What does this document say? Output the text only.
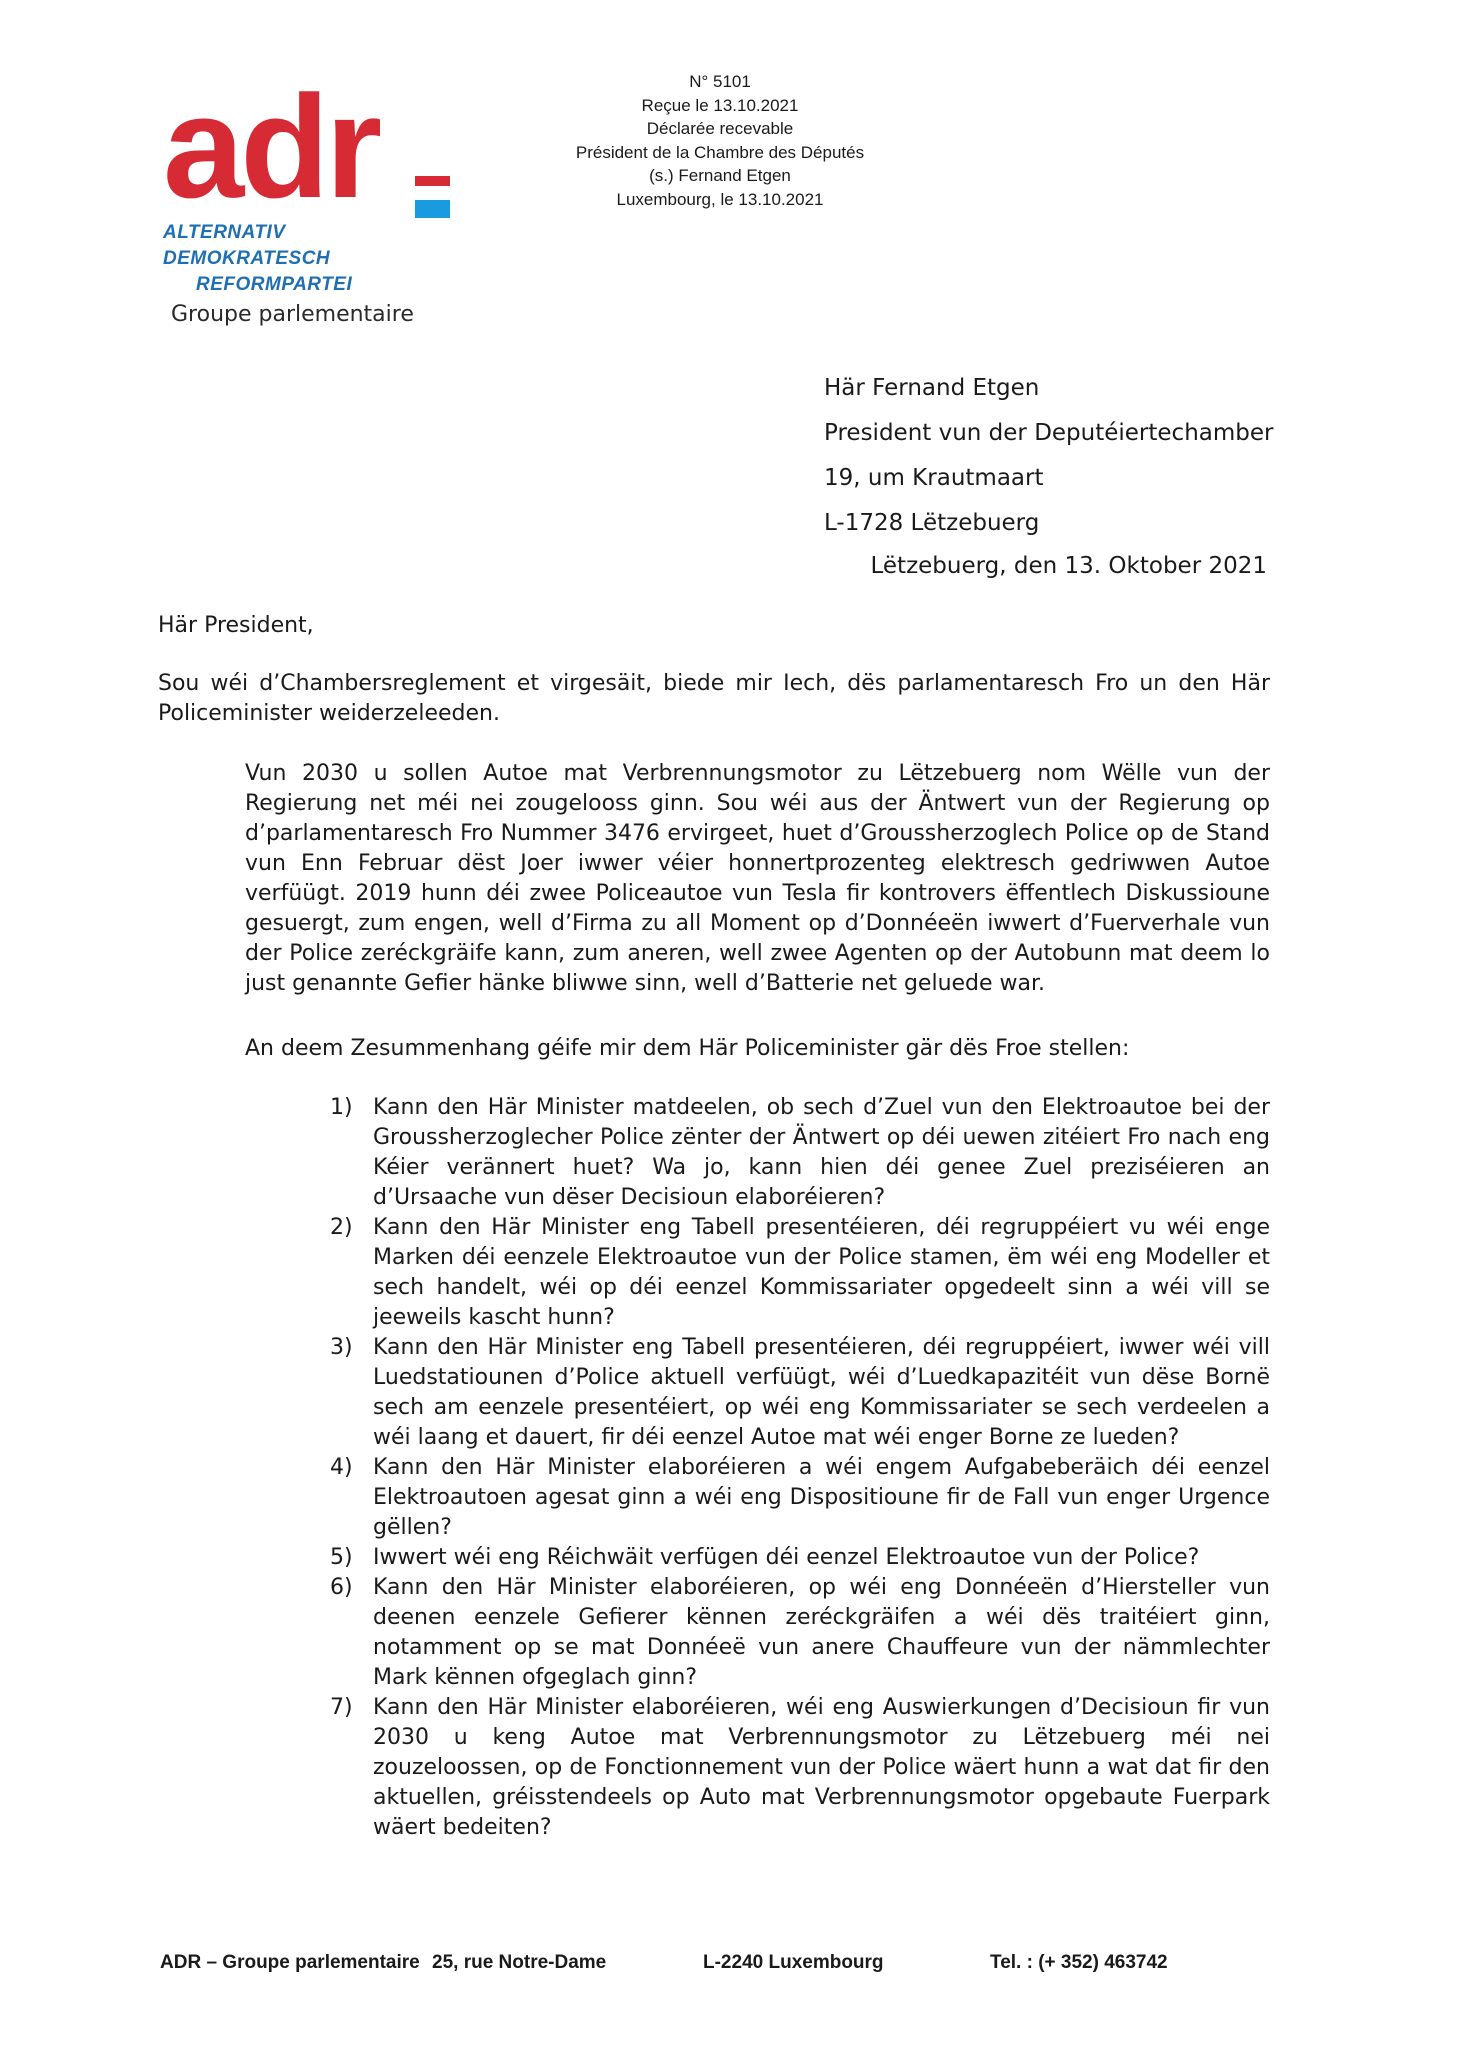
adr
ALTERNATIV DEMOKRATESCH
REFORMPARTEI
Groupe parlementaire
N° 5101
Reçue le 13.10.2021
Déclarée recevable
Président de la Chambre des Députés
(s.) Fernand Etgen
Luxembourg, le 13.10.2021
Här Fernand Etgen
President vun der Deputéiertechamber
19, um Krautmaart
L-1728 Lëtzebuerg
Lëtzebuerg, den 13. Oktober 2021
Här President,
Sou wéi d’Chambersreglement et virgesäit, biede mir Iech, dës parlamentaresch Fro un den Här Policeminister weiderzeleeden.
Vun 2030 u sollen Autoe mat Verbrennungsmotor zu Lëtzebuerg nom Wëlle vun der Regierung net méi nei zougelooss ginn. Sou wéi aus der Äntwert vun der Regierung op d’parlamentaresch Fro Nummer 3476 ervirgeet, huet d’Groussherzoglech Police op de Stand vun Enn Februar dëst Joer iwwer véier honnertprozenteg elektresch gedriwwen Autoe verfüügt. 2019 hunn déi zwee Policeautoe vun Tesla fir kontrovers ëffentlech Diskussioune gesuergt, zum engen, well d’Firma zu all Moment op d’Donnéeën iwwert d’Fuerverhale vun der Police zeréckgräife kann, zum aneren, well zwee Agenten op der Autobunn mat deem lo just genannte Gefier hänke bliwwe sinn, well d’Batterie net geluede war.
An deem Zesummenhang géife mir dem Här Policeminister gär dës Froe stellen:
1) Kann den Här Minister matdeelen, ob sech d’Zuel vun den Elektroautoe bei der Groussherzoglecher Police zënter der Äntwert op déi uewen zitéiert Fro nach eng Kéier verännert huet? Wa jo, kann hien déi genee Zuel preziséieren an d’Ursaache vun dëser Decisioun elaboréieren?
2) Kann den Här Minister eng Tabell presentéieren, déi regruppéiert vu wéi enge Marken déi eenzele Elektroautoe vun der Police stamen, ëm wéi eng Modeller et sech handelt, wéi op déi eenzel Kommissariater opgedeelt sinn a wéi vill se jeeweils kascht hunn?
3) Kann den Här Minister eng Tabell presentéieren, déi regruppéiert, iwwer wéi vill Luedstatiounen d’Police aktuell verfüügt, wéi d’Luedkapazitéit vun dëse Bornë sech am eenzele presentéiert, op wéi eng Kommissariater se sech verdeelen a wéi laang et dauert, fir déi eenzel Autoe mat wéi enger Borne ze lueden?
4) Kann den Här Minister elaboréieren a wéi engem Aufgabeberäich déi eenzel Elektroautoen agesat ginn a wéi eng Dispositioune fir de Fall vun enger Urgence gëllen?
5) Iwwert wéi eng Réichwäit verfügen déi eenzel Elektroautoe vun der Police?
6) Kann den Här Minister elaboréieren, op wéi eng Donnéeën d’Hiersteller vun deenen eenzele Gefierer kënnen zeréckgräifen a wéi dës traitéiert ginn, notamment op se mat Donnéeë vun anere Chauffeure vun der nämmlechter Mark kënnen ofgeglach ginn?
7) Kann den Här Minister elaboréieren, wéi eng Auswierkungen d’Decisioun fir vun 2030 u keng Autoe mat Verbrennungsmotor zu Lëtzebuerg méi nei zouzeloossen, op de Fonctionnement vun der Police wäert hunn a wat dat fir den aktuellen, gréisstendeels op Auto mat Verbrennungsmotor opgebaute Fuerpark wäert bedeiten?
ADR – Groupe parlementaire 25, rue Notre-Dame	L-2240 Luxembourg	Tel. : (+ 352) 463742
